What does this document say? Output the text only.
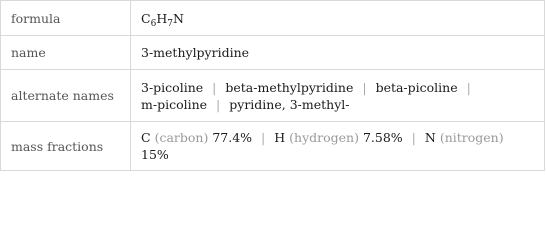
formula	$C_6H_7N$
name	3-methylpyridine
alternate names	3-picoline | beta-methylpyridine | beta-picoline |
m-picoline | pyridine, 3-methyl-
mass fractions	C (carbon) 77.4% | H (hydrogen) 7.58% | N (nitrogen)
15%
